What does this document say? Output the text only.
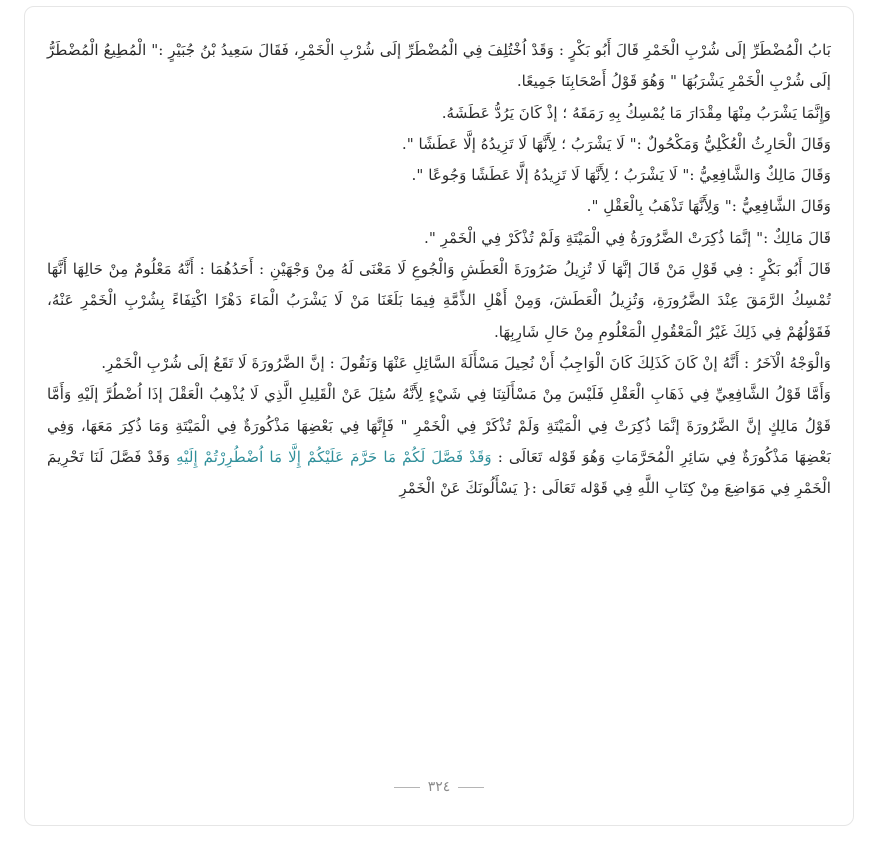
بَابُ الْمُضْطَرِّ إلَى شُرْبِ الْخَمْرِ قَالَ أَبُو بَكْرٍ : وَقَدْ اُخْتُلِفَ فِي الْمُضْطَرِّ إلَى شُرْبِ الْخَمْرِ، فَقَالَ سَعِيدُ بْنُ جُبَيْرٍ :" الْمُطِيعُ الْمُضْطَرُّ إلَى شُرْبِ الْخَمْرِ يَشْرَبُهَا " وَهُوَ قَوْلُ أَصْحَابِنَا جَمِيعًا.

وَإِنَّمَا يَشْرَبُ مِنْهَا مِقْدَارَ مَا يُمْسِكُ بِهِ رَمَقَهُ ؛ إذْ كَانَ يَرُدُّ عَطَشَهُ.

وَقَالَ الْحَارِثُ الْعُكْلِيُّ وَمَكْحُولٌ :" لَا يَشْرَبُ ؛ لِأَنَّهَا لَا تَزِيدُهُ إلَّا عَطَشًا ".

وَقَالَ مَالِكٌ وَالشَّافِعِيُّ :" لَا يَشْرَبُ ؛ لِأَنَّهَا لَا تَزِيدُهُ إلَّا عَطَشًا وَجُوعًا ".

وَقَالَ الشَّافِعِيُّ :" وَلِأَنَّهَا تَذْهَبُ بِالْعَقْلِ ".

قَالَ مَالِكٌ :" إنَّمَا ذُكِرَتْ الضَّرُورَةُ فِي الْمَيْتَةِ وَلَمْ تُذْكَرْ فِي الْخَمْرِ ".

قَالَ أَبُو بَكْرٍ : فِي قَوْلِ مَنْ قَالَ إنَّهَا لَا تُزِيلُ ضَرُورَةَ الْعَطَشِ وَالْجُوعِ لَا مَعْنَى لَهُ مِنْ وَجْهَيْنِ : أَحَدُهُمَا : أَنَّهُ مَعْلُومٌ مِنْ حَالِهَا أَنَّهَا تُمْسِكُ الرَّمَقَ عِنْدَ الضَّرُورَةِ، وَتُزِيلُ الْعَطَشَ، وَمِنْ أَهْلِ الذِّمَّةِ فِيمَا بَلَغَنَا مَنْ لَا يَشْرَبُ الْمَاءَ دَهْرًا اكْتِفَاءً بِشُرْبِ الْخَمْرِ عَنْهُ، فَقَوْلُهُمْ فِي ذَلِكَ غَيْرُ الْمَعْقُولِ الْمَعْلُومِ مِنْ حَالِ شَارِبِهَا.

وَالْوَجْهُ الْآخَرُ : أَنَّهُ إنْ كَانَ كَذَلِكَ كَانَ الْوَاجِبُ أَنْ نُحِيلَ مَسْأَلَةَ السَّائِلِ عَنْهَا وَنَقُولَ : إنَّ الضَّرُورَةَ لَا تَقَعُ إلَى شُرْبِ الْخَمْرِ.

وَأَمَّا قَوْلُ الشَّافِعِيِّ فِي ذَهَابِ الْعَقْلِ فَلَيْسَ مِنْ مَسْأَلَتِنَا فِي شَيْءٍ لِأَنَّهُ سُئِلَ عَنْ الْقَلِيلِ الَّذِي لَا يُذْهِبُ الْعَقْلَ إذَا اُضْطُرَّ إلَيْهِ وَأَمَّا قَوْلُ مَالِكٍ إنَّ الضَّرُورَةَ إنَّمَا ذُكِرَتْ فِي الْمَيْتَةِ وَلَمْ تُذْكَرْ فِي الْخَمْرِ " فَإِنَّهَا فِي بَعْضِهَا مَذْكُورَةٌ فِي الْمَيْتَةِ وَمَا ذُكِرَ مَعَهَا، وَفِي بَعْضِهَا مَذْكُورَةٌ فِي سَائِرِ الْمُحَرَّمَاتِ وَهُوَ قَوْله تَعَالَى : وَقَدْ فَصَّلَ لَكُمْ مَا حَرَّمَ عَلَيْكُمْ إِلَّا مَا اُضْطُرِرْتُمْ إِلَيْهِ وَقَدْ فَصَّلَ لَنَا تَحْرِيمَ الْخَمْرِ فِي مَوَاضِعَ مِنْ كِتَابِ اللَّهِ فِي قَوْله تَعَالَى :{ يَسْأَلُونَكَ عَنْ الْخَمْرِ

٣٢٤
